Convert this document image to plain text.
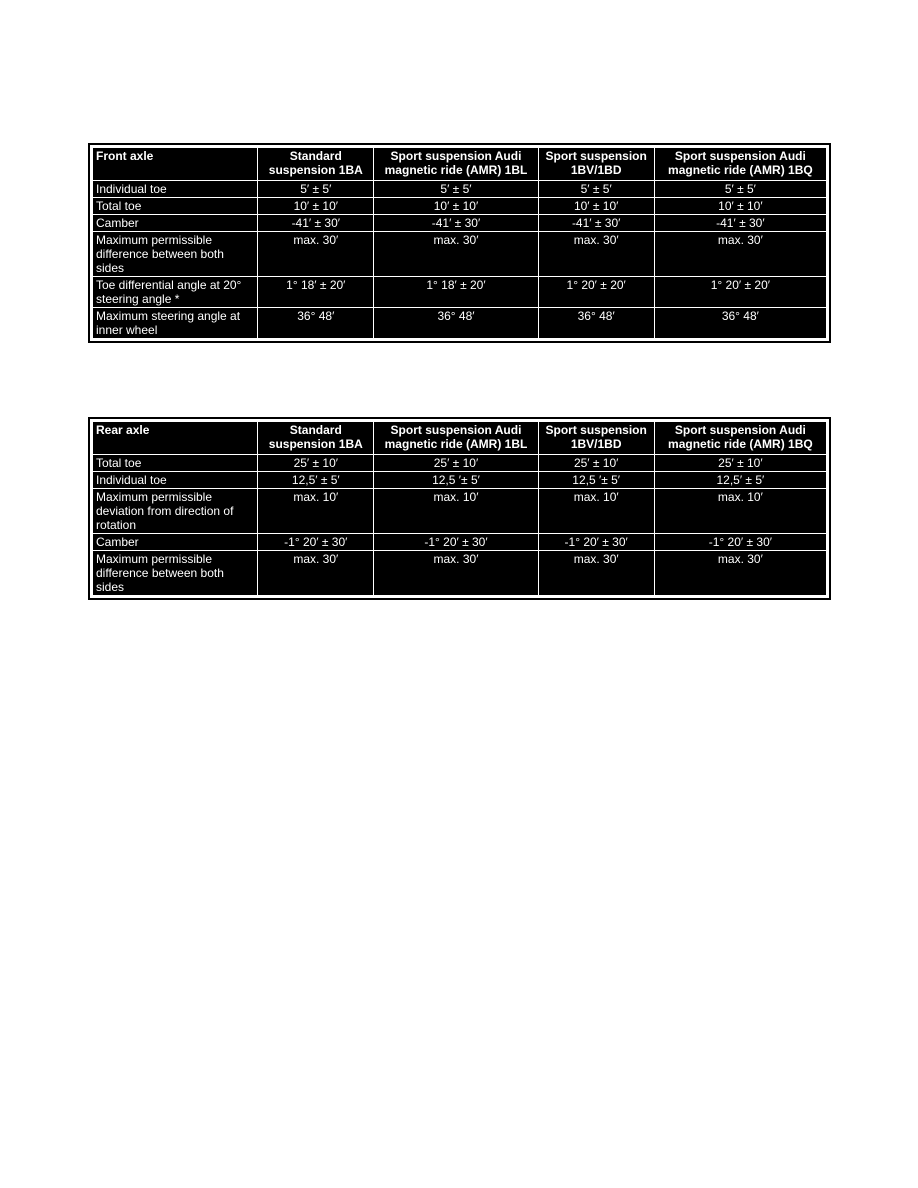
Front axle	Standard suspension 1BA	Sport suspension Audi magnetic ride (AMR) 1BL	Sport suspension 1BV/1BD	Sport suspension Audi magnetic ride (AMR) 1BQ
Individual toe	5′ ± 5′	5′ ± 5′	5′ ± 5′	5′ ± 5′
Total toe	10′ ± 10′	10′ ± 10′	10′ ± 10′	10′ ± 10′
Camber	-41′ ± 30′	-41′ ± 30′	-41′ ± 30′	-41′ ± 30′
Maximum permissible difference between both sides	max. 30′	max. 30′	max. 30′	max. 30′
Toe differential angle at 20° steering angle *	1° 18′ ± 20′	1° 18′ ± 20′	1° 20′ ± 20′	1° 20′ ± 20′
Maximum steering angle at inner wheel	36° 48′	36° 48′	36° 48′	36° 48′
Rear axle	Standard suspension 1BA	Sport suspension Audi magnetic ride (AMR) 1BL	Sport suspension 1BV/1BD	Sport suspension Audi magnetic ride (AMR) 1BQ
Total toe	25′ ± 10′	25′ ± 10′	25′ ± 10′	25′ ± 10′
Individual toe	12,5′ ± 5′	12,5 ′± 5′	12,5 ′± 5′	12,5′ ± 5′
Maximum permissible deviation from direction of rotation	max. 10′	max. 10′	max. 10′	max. 10′
Camber	-1° 20′ ± 30′	-1° 20′ ± 30′	-1° 20′ ± 30′	-1° 20′ ± 30′
Maximum permissible difference between both sides	max. 30′	max. 30′	max. 30′	max. 30′
